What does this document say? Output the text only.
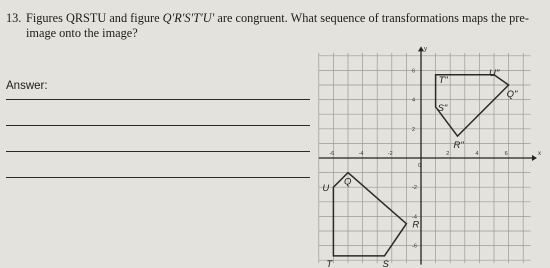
13. Figures QRSTU and figure Q′R′S′T′U′ are congruent. What sequence of transformations maps the pre-image onto the image?
Answer:
x
y
-6	-4	-2
0
2	4	6
6
4
2
-2
-4
-6
Q
R
S
T
U
Q"
R"
S"
T"
U"
